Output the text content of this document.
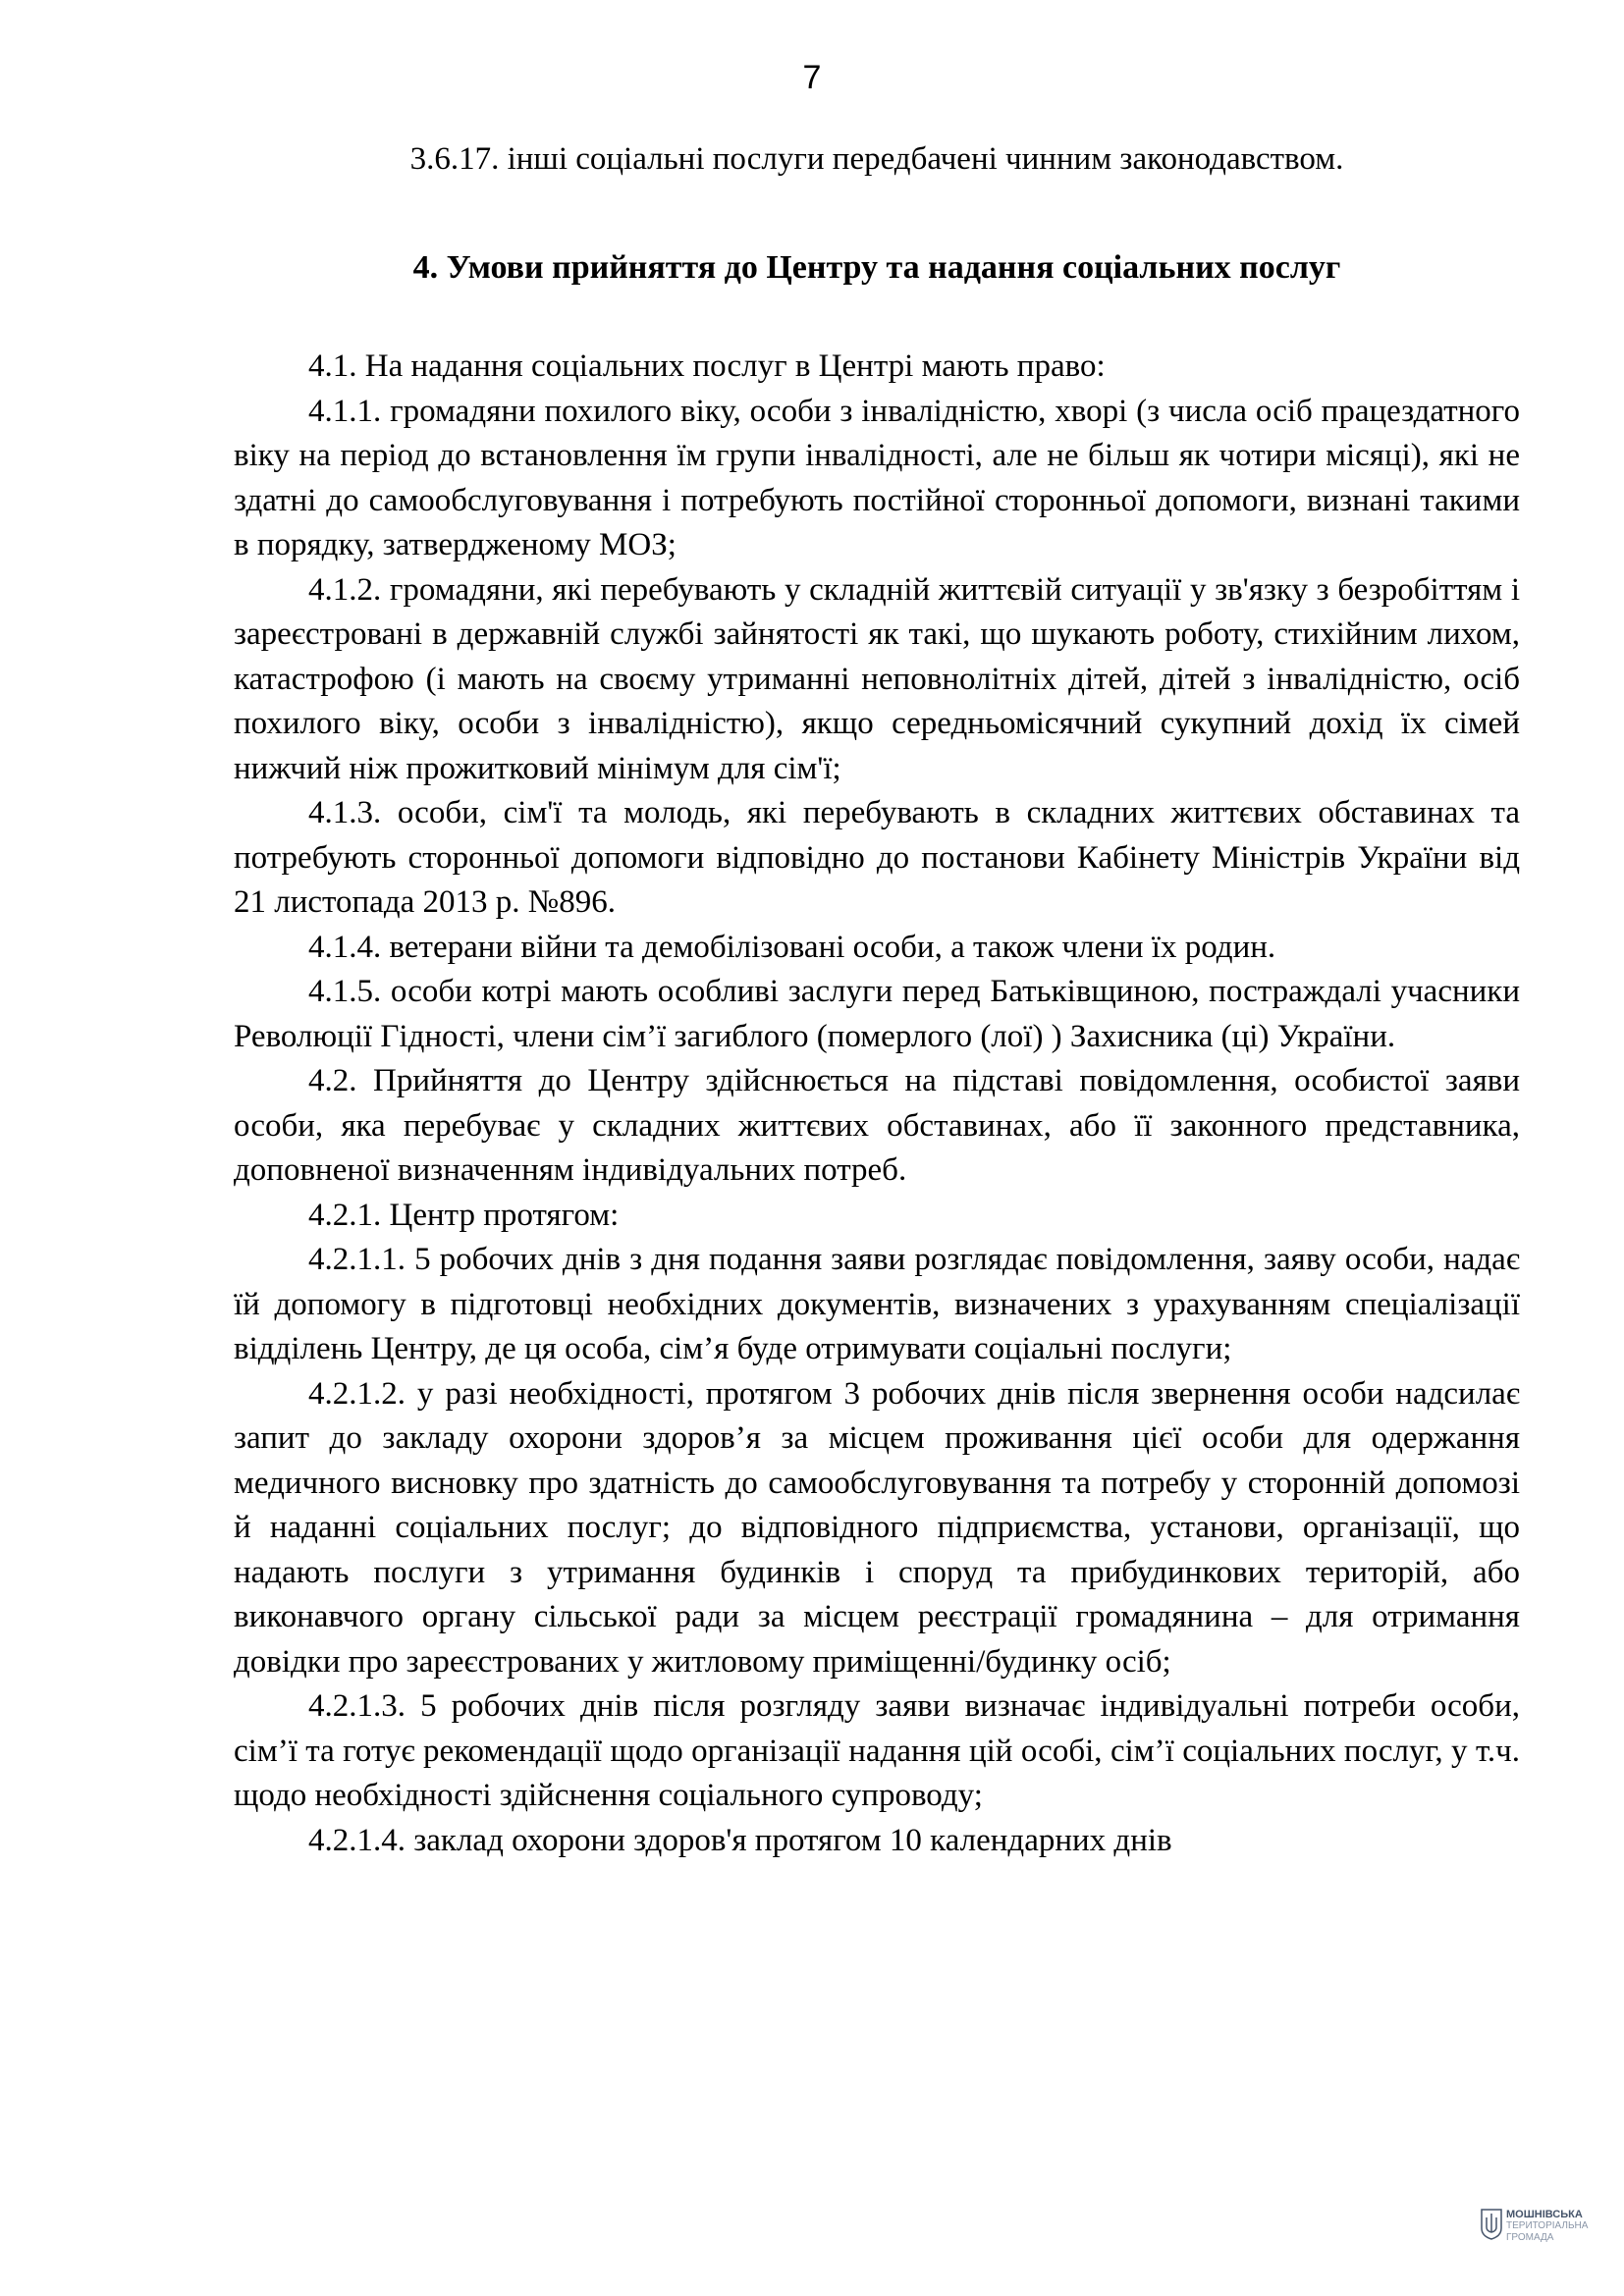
7

3.6.17. інші соціальні послуги передбачені чинним законодавством.

4. Умови прийняття до Центру та надання соціальних послуг

4.1. На надання соціальних послуг в Центрі мають право:

4.1.1. громадяни похилого віку, особи з інвалідністю, хворі (з числа осіб працездатного віку на період до встановлення їм групи інвалідності, але не більш як чотири місяці), які не здатні до самообслуговування і потребують постійної сторонньої допомоги, визнані такими в порядку, затвердженому МОЗ;

4.1.2. громадяни, які перебувають у складній життєвій ситуації у зв'язку з безробіттям і зареєстровані в державній службі зайнятості як такі, що шукають роботу, стихійним лихом, катастрофою (і мають на своєму утриманні неповнолітніх дітей, дітей з інвалідністю, осіб похилого віку, особи з інвалідністю), якщо середньомісячний сукупний дохід їх сімей нижчий ніж прожитковий мінімум для сім'ї;

4.1.3. особи, сім'ї та молодь, які перебувають в складних життєвих обставинах та потребують сторонньої допомоги відповідно до постанови Кабінету Міністрів України від 21 листопада 2013 р. №896.

4.1.4. ветерани війни та демобілізовані особи, а також члени їх родин.

4.1.5. особи котрі мають особливі заслуги перед Батьківщиною, постраждалі учасники Революції Гідності, члени сім’ї загиблого (померлого (лої) ) Захисника (ці) України.

4.2. Прийняття до Центру здійснюється на підставі повідомлення, особистої заяви особи, яка перебуває у складних життєвих обставинах, або її законного представника, доповненої визначенням індивідуальних потреб.

4.2.1. Центр протягом:

4.2.1.1. 5 робочих днів з дня подання заяви розглядає повідомлення, заяву особи, надає їй допомогу в підготовці необхідних документів, визначених з урахуванням спеціалізації відділень Центру, де ця особа, сім’я буде отримувати соціальні послуги;

4.2.1.2. у разі необхідності, протягом 3 робочих днів після звернення особи надсилає запит до закладу охорони здоров’я за місцем проживання цієї особи для одержання медичного висновку про здатність до самообслуговування та потребу у сторонній допомозі й наданні соціальних послуг; до відповідного підприємства, установи, організації, що надають послуги з утримання будинків і споруд та прибудинкових територій, або виконавчого органу сільської ради за місцем реєстрації громадянина – для отримання довідки про зареєстрованих у житловому приміщенні/будинку осіб;

4.2.1.3. 5 робочих днів після розгляду заяви визначає індивідуальні потреби особи, сім’ї та готує рекомендації щодо організації надання цій особі, сім’ї соціальних послуг, у т.ч. щодо необхідності здійснення соціального супроводу;

4.2.1.4. заклад охорони здоров'я протягом 10 календарних днів

МОШНІВСЬКА
ТЕРИТОРІАЛЬНА
ГРОМАДА
